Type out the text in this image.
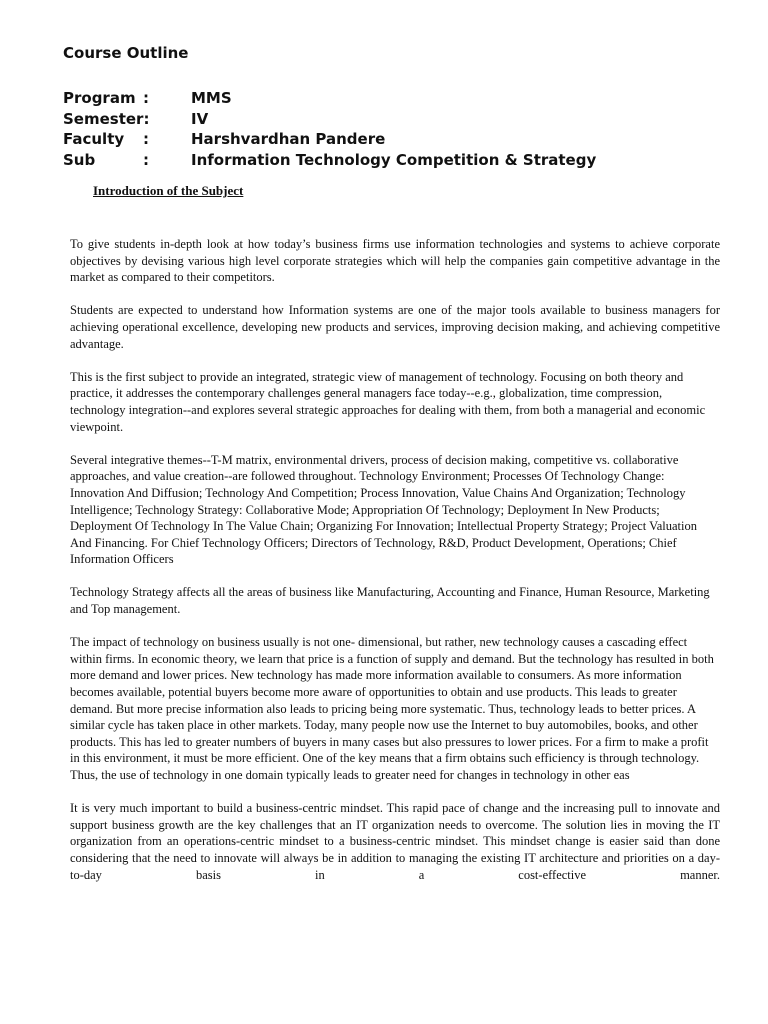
Course Outline
Program :	MMS
Semester:	IV
Faculty	:	Harshvardhan Pandere
Sub	:	Information Technology Competition & Strategy
Introduction of the Subject

To give students in-depth look at how today’s business firms use information technologies and systems to achieve corporate objectives by devising various high level corporate strategies which will help the companies gain competitive advantage in the market as compared to their competitors.

Students are expected to understand how Information systems are one of the major tools available to business managers for achieving operational excellence, developing new products and services, improving decision making, and achieving competitive advantage.

This is the first subject to provide an integrated, strategic view of management of technology. Focusing on both theory and practice, it addresses the contemporary challenges general managers face today--e.g., globalization, time compression, technology integration--and explores several strategic approaches for dealing with them, from both a managerial and economic viewpoint.

Several integrative themes--T-M matrix, environmental drivers, process of decision making, competitive vs. collaborative approaches, and value creation--are followed throughout. Technology Environment; Processes Of Technology Change: Innovation And Diffusion; Technology And Competition; Process Innovation, Value Chains And Organization; Technology Intelligence; Technology Strategy: Collaborative Mode; Appropriation Of Technology; Deployment In New Products; Deployment Of Technology In The Value Chain; Organizing For Innovation; Intellectual Property Strategy; Project Valuation And Financing. For Chief Technology Officers; Directors of Technology, R&D, Product Development, Operations; Chief Information Officers

Technology Strategy affects all the areas of business like Manufacturing, Accounting and Finance, Human Resource, Marketing and Top management.

The impact of technology on business usually is not one- dimensional, but rather, new technology causes a cascading effect within firms. In economic theory, we learn that price is a function of supply and demand. But the technology has resulted in both more demand and lower prices. New technology has made more information available to consumers. As more information becomes available, potential buyers become more aware of opportunities to obtain and use products. This leads to greater demand. But more precise information also leads to pricing being more systematic. Thus, technology leads to better prices. A similar cycle has taken place in other markets. Today, many people now use the Internet to buy automobiles, books, and other products. This has led to greater numbers of buyers in many cases but also pressures to lower prices. For a firm to make a profit in this environment, it must be more efficient. One of the key means that a firm obtains such efficiency is through technology. Thus, the use of technology in one domain typically leads to greater need for changes in technology in other eas

It is very much important to build a business-centric mindset. This rapid pace of change and the increasing pull to innovate and support business growth are the key challenges that an IT organization needs to overcome. The solution lies in moving the IT organization from an operations-centric mindset to a business-centric mindset. This mindset change is easier said than done considering that the need to innovate will always be in addition to managing the existing IT architecture and priorities on a day-to-day basis in a cost-effective manner.
